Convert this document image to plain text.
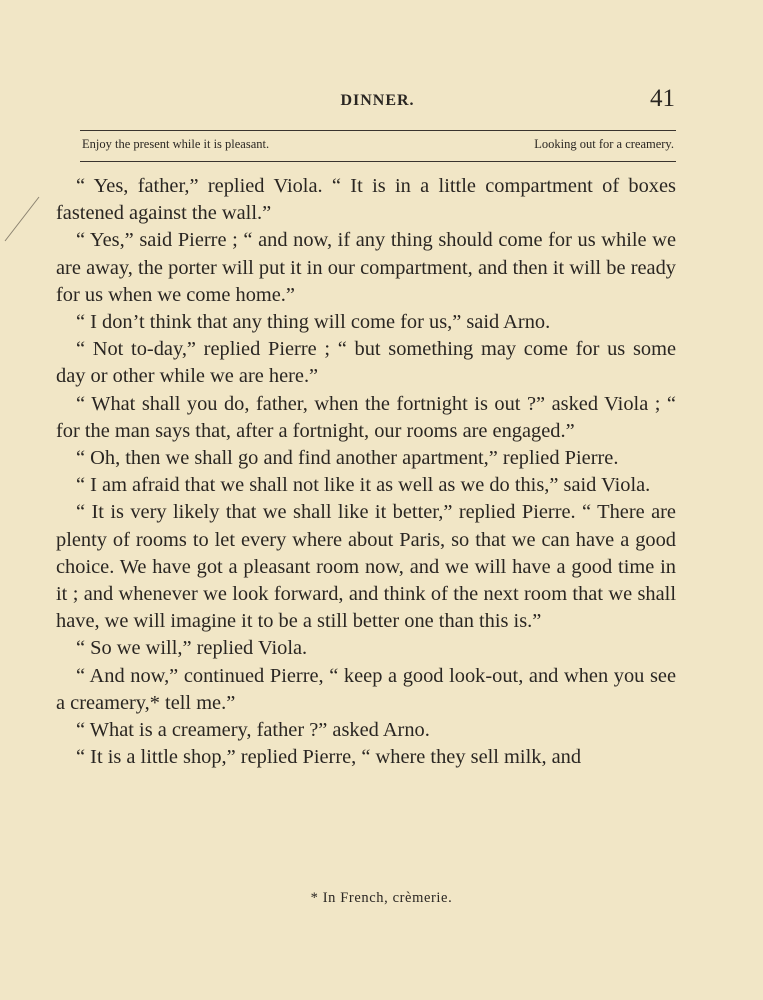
DINNER.	41
Enjoy the present while it is pleasant.	Looking out for a creamery.

“ Yes, father,” replied Viola. “ It is in a little compartment of boxes fastened against the wall.”

“ Yes,” said Pierre ; “ and now, if any thing should come for us while we are away, the porter will put it in our compartment, and then it will be ready for us when we come home.”

“ I don’t think that any thing will come for us,” said Arno.

“ Not to-day,” replied Pierre ; “ but something may come for us some day or other while we are here.”

“ What shall you do, father, when the fortnight is out ?” asked Viola ; “ for the man says that, after a fortnight, our rooms are engaged.”

“ Oh, then we shall go and find another apartment,” replied Pierre.

“ I am afraid that we shall not like it as well as we do this,” said Viola.

“ It is very likely that we shall like it better,” replied Pierre. “ There are plenty of rooms to let every where about Paris, so that we can have a good choice. We have got a pleasant room now, and we will have a good time in it ; and whenever we look forward, and think of the next room that we shall have, we will imagine it to be a still better one than this is.”

“ So we will,” replied Viola.

“ And now,” continued Pierre, “ keep a good look-out, and when you see a creamery,* tell me.”

“ What is a creamery, father ?” asked Arno.

“ It is a little shop,” replied Pierre, “ where they sell milk, and

* In French, crèmerie.
